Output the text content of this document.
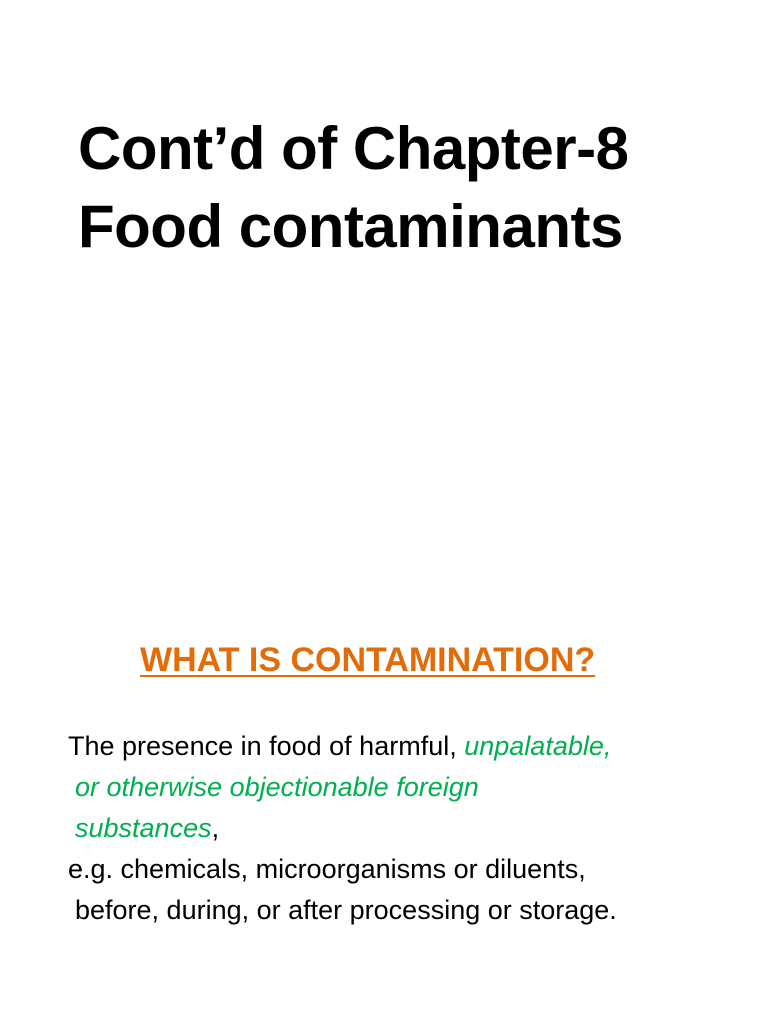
Cont’d of Chapter-8
Food contaminants
WHAT IS CONTAMINATION?

The presence in food of harmful, unpalatable,
or otherwise objectionable foreign
substances,
e.g. chemicals, microorganisms or diluents,
before, during, or after processing or storage.
